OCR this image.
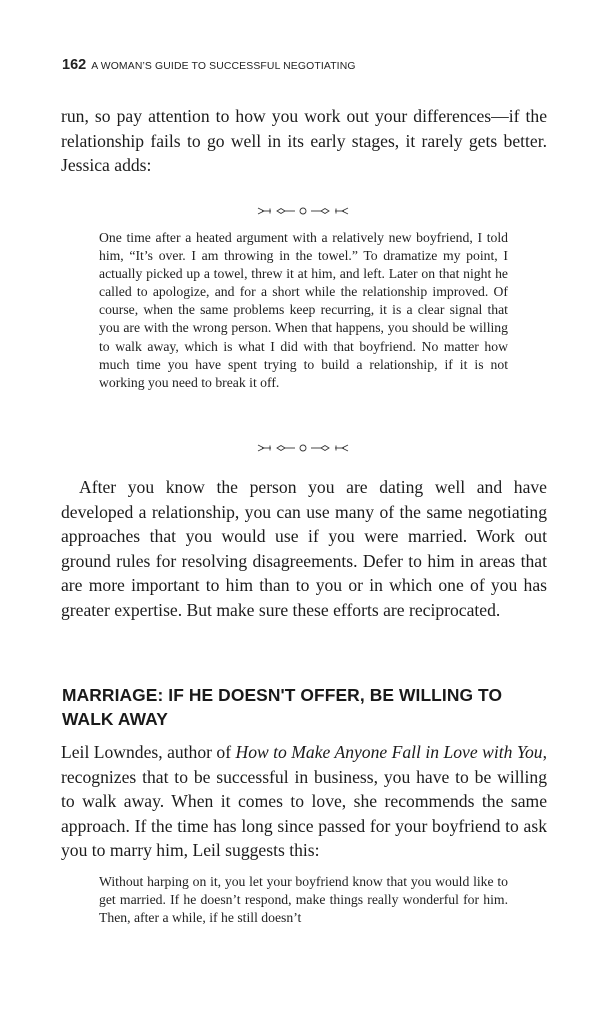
162 A WOMAN’S GUIDE TO SUCCESSFUL NEGOTIATING

run, so pay attention to how you work out your differences—if the relationship fails to go well in its early stages, it rarely gets better. Jessica adds:

One time after a heated argument with a relatively new boyfriend, I told him, “It’s over. I am throwing in the towel.” To dramatize my point, I actually picked up a towel, threw it at him, and left. Later on that night he called to apologize, and for a short while the relationship improved. Of course, when the same problems keep recurring, it is a clear signal that you are with the wrong person. When that happens, you should be willing to walk away, which is what I did with that boyfriend. No matter how much time you have spent trying to build a relationship, if it is not working you need to break it off.

After you know the person you are dating well and have developed a relationship, you can use many of the same negotiating approaches that you would use if you were married. Work out ground rules for resolving disagreements. Defer to him in areas that are more important to him than to you or in which one of you has greater expertise. But make sure these efforts are reciprocated.

MARRIAGE: IF HE DOESN'T OFFER, BE WILLING TO WALK AWAY

Leil Lowndes, author of How to Make Anyone Fall in Love with You, recognizes that to be successful in business, you have to be willing to walk away. When it comes to love, she recommends the same approach. If the time has long since passed for your boyfriend to ask you to marry him, Leil suggests this:

Without harping on it, you let your boyfriend know that you would like to get married. If he doesn’t respond, make things really wonderful for him. Then, after a while, if he still doesn’t
